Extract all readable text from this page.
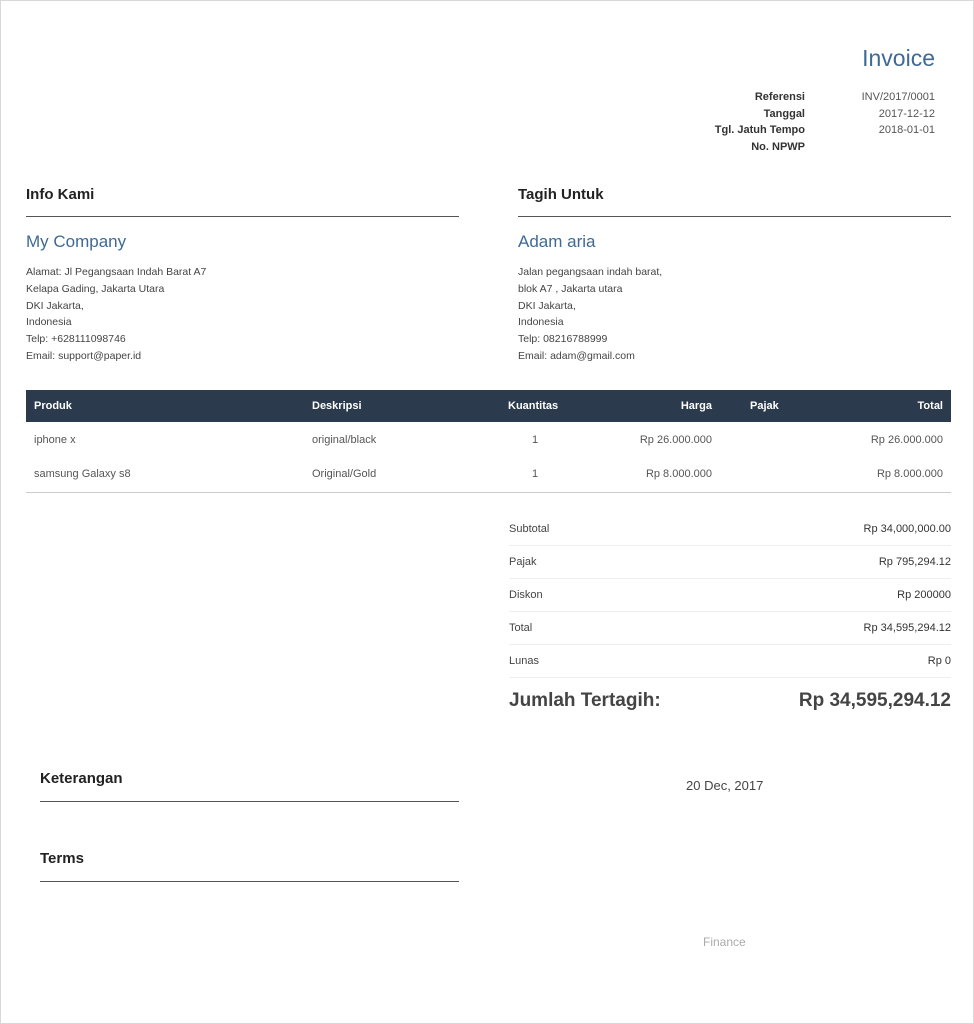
Invoice
Referensi	INV/2017/0001
Tanggal	2017-12-12
Tgl. Jatuh Tempo	2018-01-01
No. NPWP
Info Kami
My Company
Alamat: Jl Pegangsaan Indah Barat A7
Kelapa Gading, Jakarta Utara
DKI Jakarta,
Indonesia
Telp: +628111098746
Email: support@paper.id
Tagih Untuk
Adam aria
Jalan pegangsaan indah barat,
blok A7 , Jakarta utara
DKI Jakarta,
Indonesia
Telp: 08216788999
Email: adam@gmail.com
Produk	Deskripsi	Kuantitas	Harga	Pajak	Total
iphone x	original/black	1	Rp 26.000.000		Rp 26.000.000
samsung Galaxy s8	Original/Gold	1	Rp 8.000.000		Rp 8.000.000
Subtotal	Rp 34,000,000.00
Pajak	Rp 795,294.12
Diskon	Rp 200000
Total	Rp 34,595,294.12
Lunas	Rp 0
Jumlah Tertagih:	Rp 34,595,294.12
Keterangan
Terms
20 Dec, 2017
Finance
